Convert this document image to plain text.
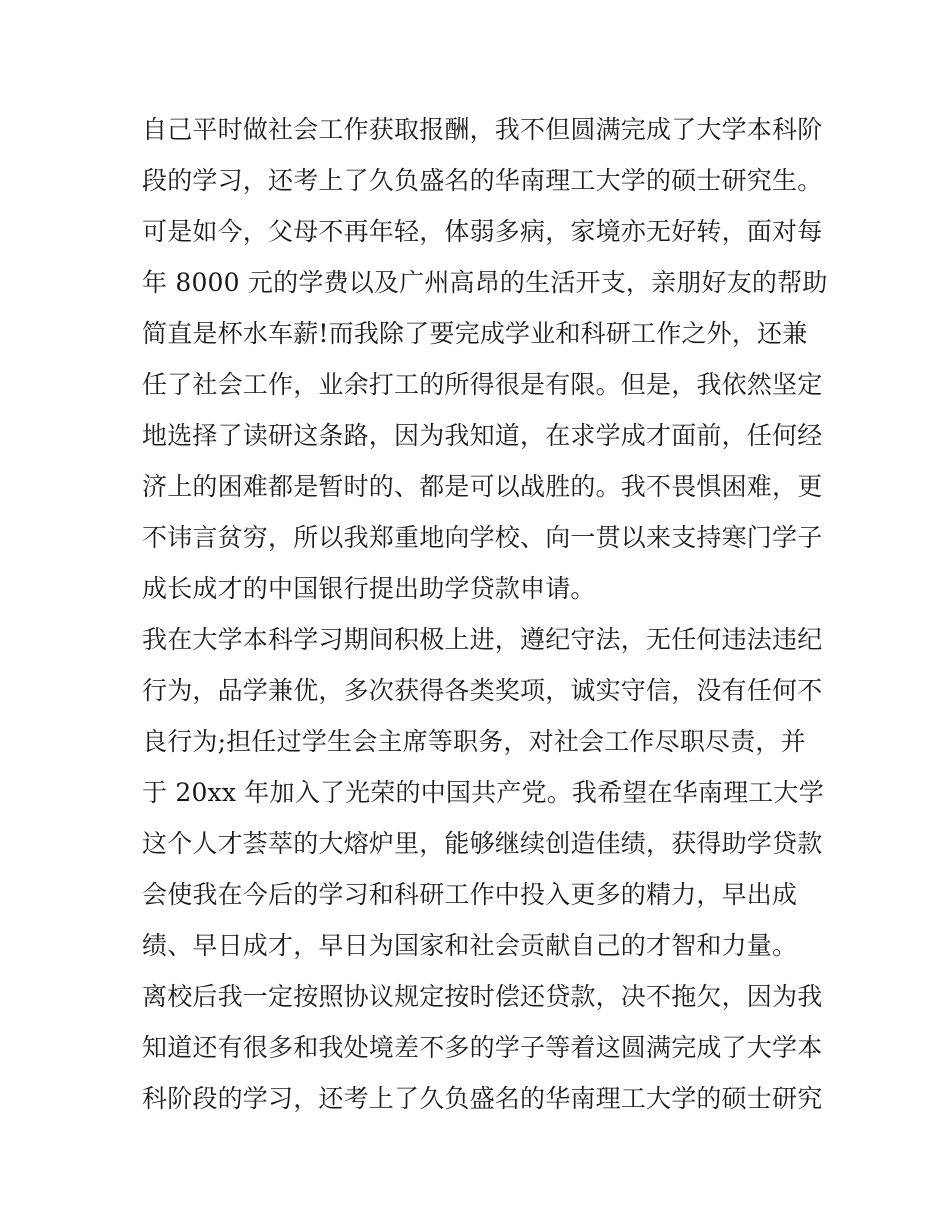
自己平时做社会工作获取报酬，我不但圆满完成了大学本科阶
段的学习，还考上了久负盛名的华南理工大学的硕士研究生。
可是如今，父母不再年轻，体弱多病，家境亦无好转，面对每
年 8000 元的学费以及广州高昂的生活开支，亲朋好友的帮助
简直是杯水车薪!而我除了要完成学业和科研工作之外，还兼
任了社会工作，业余打工的所得很是有限。但是，我依然坚定
地选择了读研这条路，因为我知道，在求学成才面前，任何经
济上的困难都是暂时的、都是可以战胜的。我不畏惧困难，更
不讳言贫穷，所以我郑重地向学校、向一贯以来支持寒门学子
成长成才的中国银行提出助学贷款申请。
我在大学本科学习期间积极上进，遵纪守法，无任何违法违纪
行为，品学兼优，多次获得各类奖项，诚实守信，没有任何不
良行为;担任过学生会主席等职务，对社会工作尽职尽责，并
于 20xx 年加入了光荣的中国共产党。我希望在华南理工大学
这个人才荟萃的大熔炉里，能够继续创造佳绩，获得助学贷款
会使我在今后的学习和科研工作中投入更多的精力，早出成
绩、早日成才，早日为国家和社会贡献自己的才智和力量。
离校后我一定按照协议规定按时偿还贷款，决不拖欠，因为我
知道还有很多和我处境差不多的学子等着这圆满完成了大学本
科阶段的学习，还考上了久负盛名的华南理工大学的硕士研究
